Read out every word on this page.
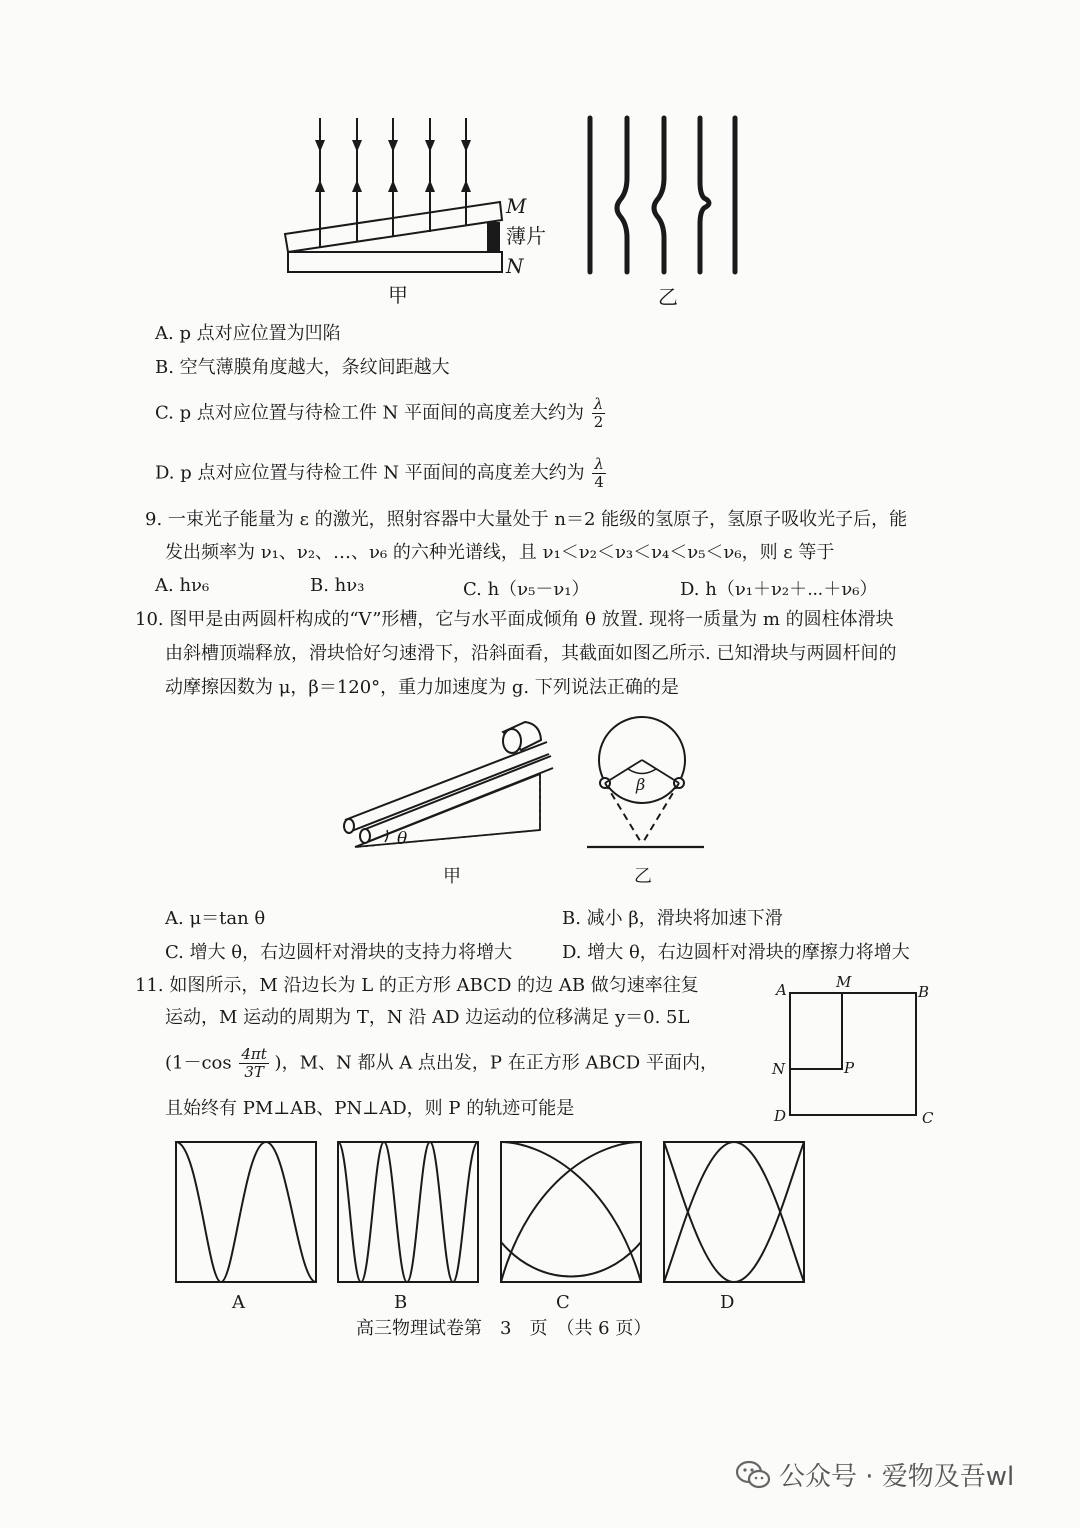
M
薄片
N
甲	乙
A. p 点对应位置为凹陷
B. 空气薄膜角度越大，条纹间距越大
C. p 点对应位置与待检工件 N 平面间的高度差大约为 $\frac{\lambda}{2}$
D. p 点对应位置与待检工件 N 平面间的高度差大约为 $\frac{\lambda}{4}$
9. 一束光子能量为 ε 的激光，照射容器中大量处于 n＝2 能级的氢原子，氢原子吸收光子后，能
发出频率为 ν₁、ν₂、…、ν₆ 的六种光谱线，且 ν₁＜ν₂＜ν₃＜ν₄＜ν₅＜ν₆，则 ε 等于
A. hν₆	B. hν₃	C. h（ν₅－ν₁）	D. h（ν₁＋ν₂＋⋯＋ν₆）
10. 图甲是由两圆杆构成的“V”形槽，它与水平面成倾角 θ 放置. 现将一质量为 m 的圆柱体滑块
由斜槽顶端释放，滑块恰好匀速滑下，沿斜面看，其截面如图乙所示. 已知滑块与两圆杆间的
动摩擦因数为 μ，β＝120°，重力加速度为 g. 下列说法正确的是
θ
甲
β
乙
A. μ＝tan θ	B. 减小 β，滑块将加速下滑
C. 增大 θ，右边圆杆对滑块的支持力将增大	D. 增大 θ，右边圆杆对滑块的摩擦力将增大
11. 如图所示，M 沿边长为 L 的正方形 ABCD 的边 AB 做匀速率往复
运动，M 运动的周期为 T，N 沿 AD 边运动的位移满足 y＝0. 5L
($1-\cos \frac{4\pi t}{3T}$ )，M、N 都从 A 点出发，P 在正方形 ABCD 平面内，
且始终有 PM⊥AB、PN⊥AD，则 P 的轨迹可能是
A	M
B
N	P
D	C
A	B	C	D
高三物理试卷第　3　页　（共 6 页）
公众号 · 爱物及吾wl
